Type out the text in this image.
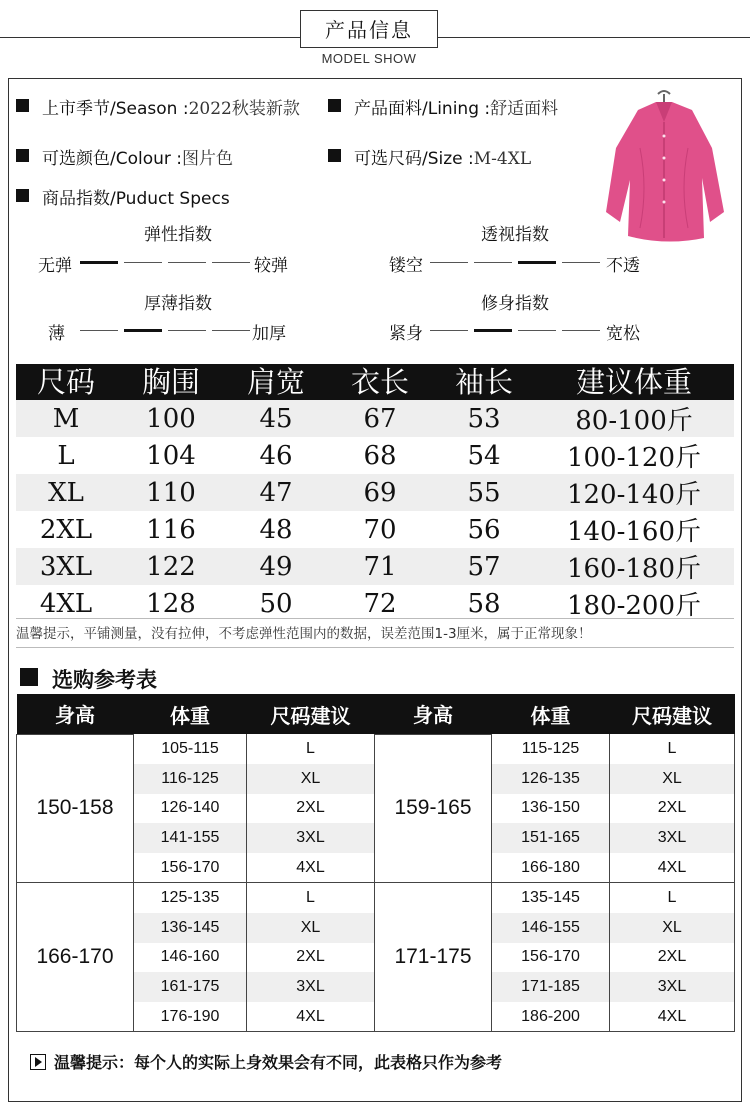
产品信息
MODEL SHOW
上市季节/Season :2022秋装新款	产品面料/Lining :舒适面料
可选颜色/Colour :图片色	可选尺码/Size :M-4XL
商品指数/Puduct Specs
弹性指数
无弹	较弹
透视指数
镂空	不透
厚薄指数
薄	加厚
修身指数
紧身	宽松
尺码	胸围	肩宽	衣长	袖长	建议体重
M	100	45	67	53	80-100斤
L	104	46	68	54	100-120斤
XL	110	47	69	55	120-140斤
2XL	116	48	70	56	140-160斤
3XL	122	49	71	57	160-180斤
4XL	128	50	72	58	180-200斤
温馨提示，平铺测量，没有拉伸，不考虑弹性范围内的数据，误差范围1-3厘米，属于正常现象！
选购参考表
身高	体重	尺码建议	身高	体重	尺码建议
150-158	105-115	L	159-165	115-125	L
	116-125	XL		126-135	XL
	126-140	2XL		136-150	2XL
	141-155	3XL		151-165	3XL
	156-170	4XL		166-180	4XL
166-170	125-135	L	171-175	135-145	L
	136-145	XL		146-155	XL
	146-160	2XL		156-170	2XL
	161-175	3XL		171-185	3XL
	176-190	4XL		186-200	4XL
温馨提示：每个人的实际上身效果会有不同，此表格只作为参考
